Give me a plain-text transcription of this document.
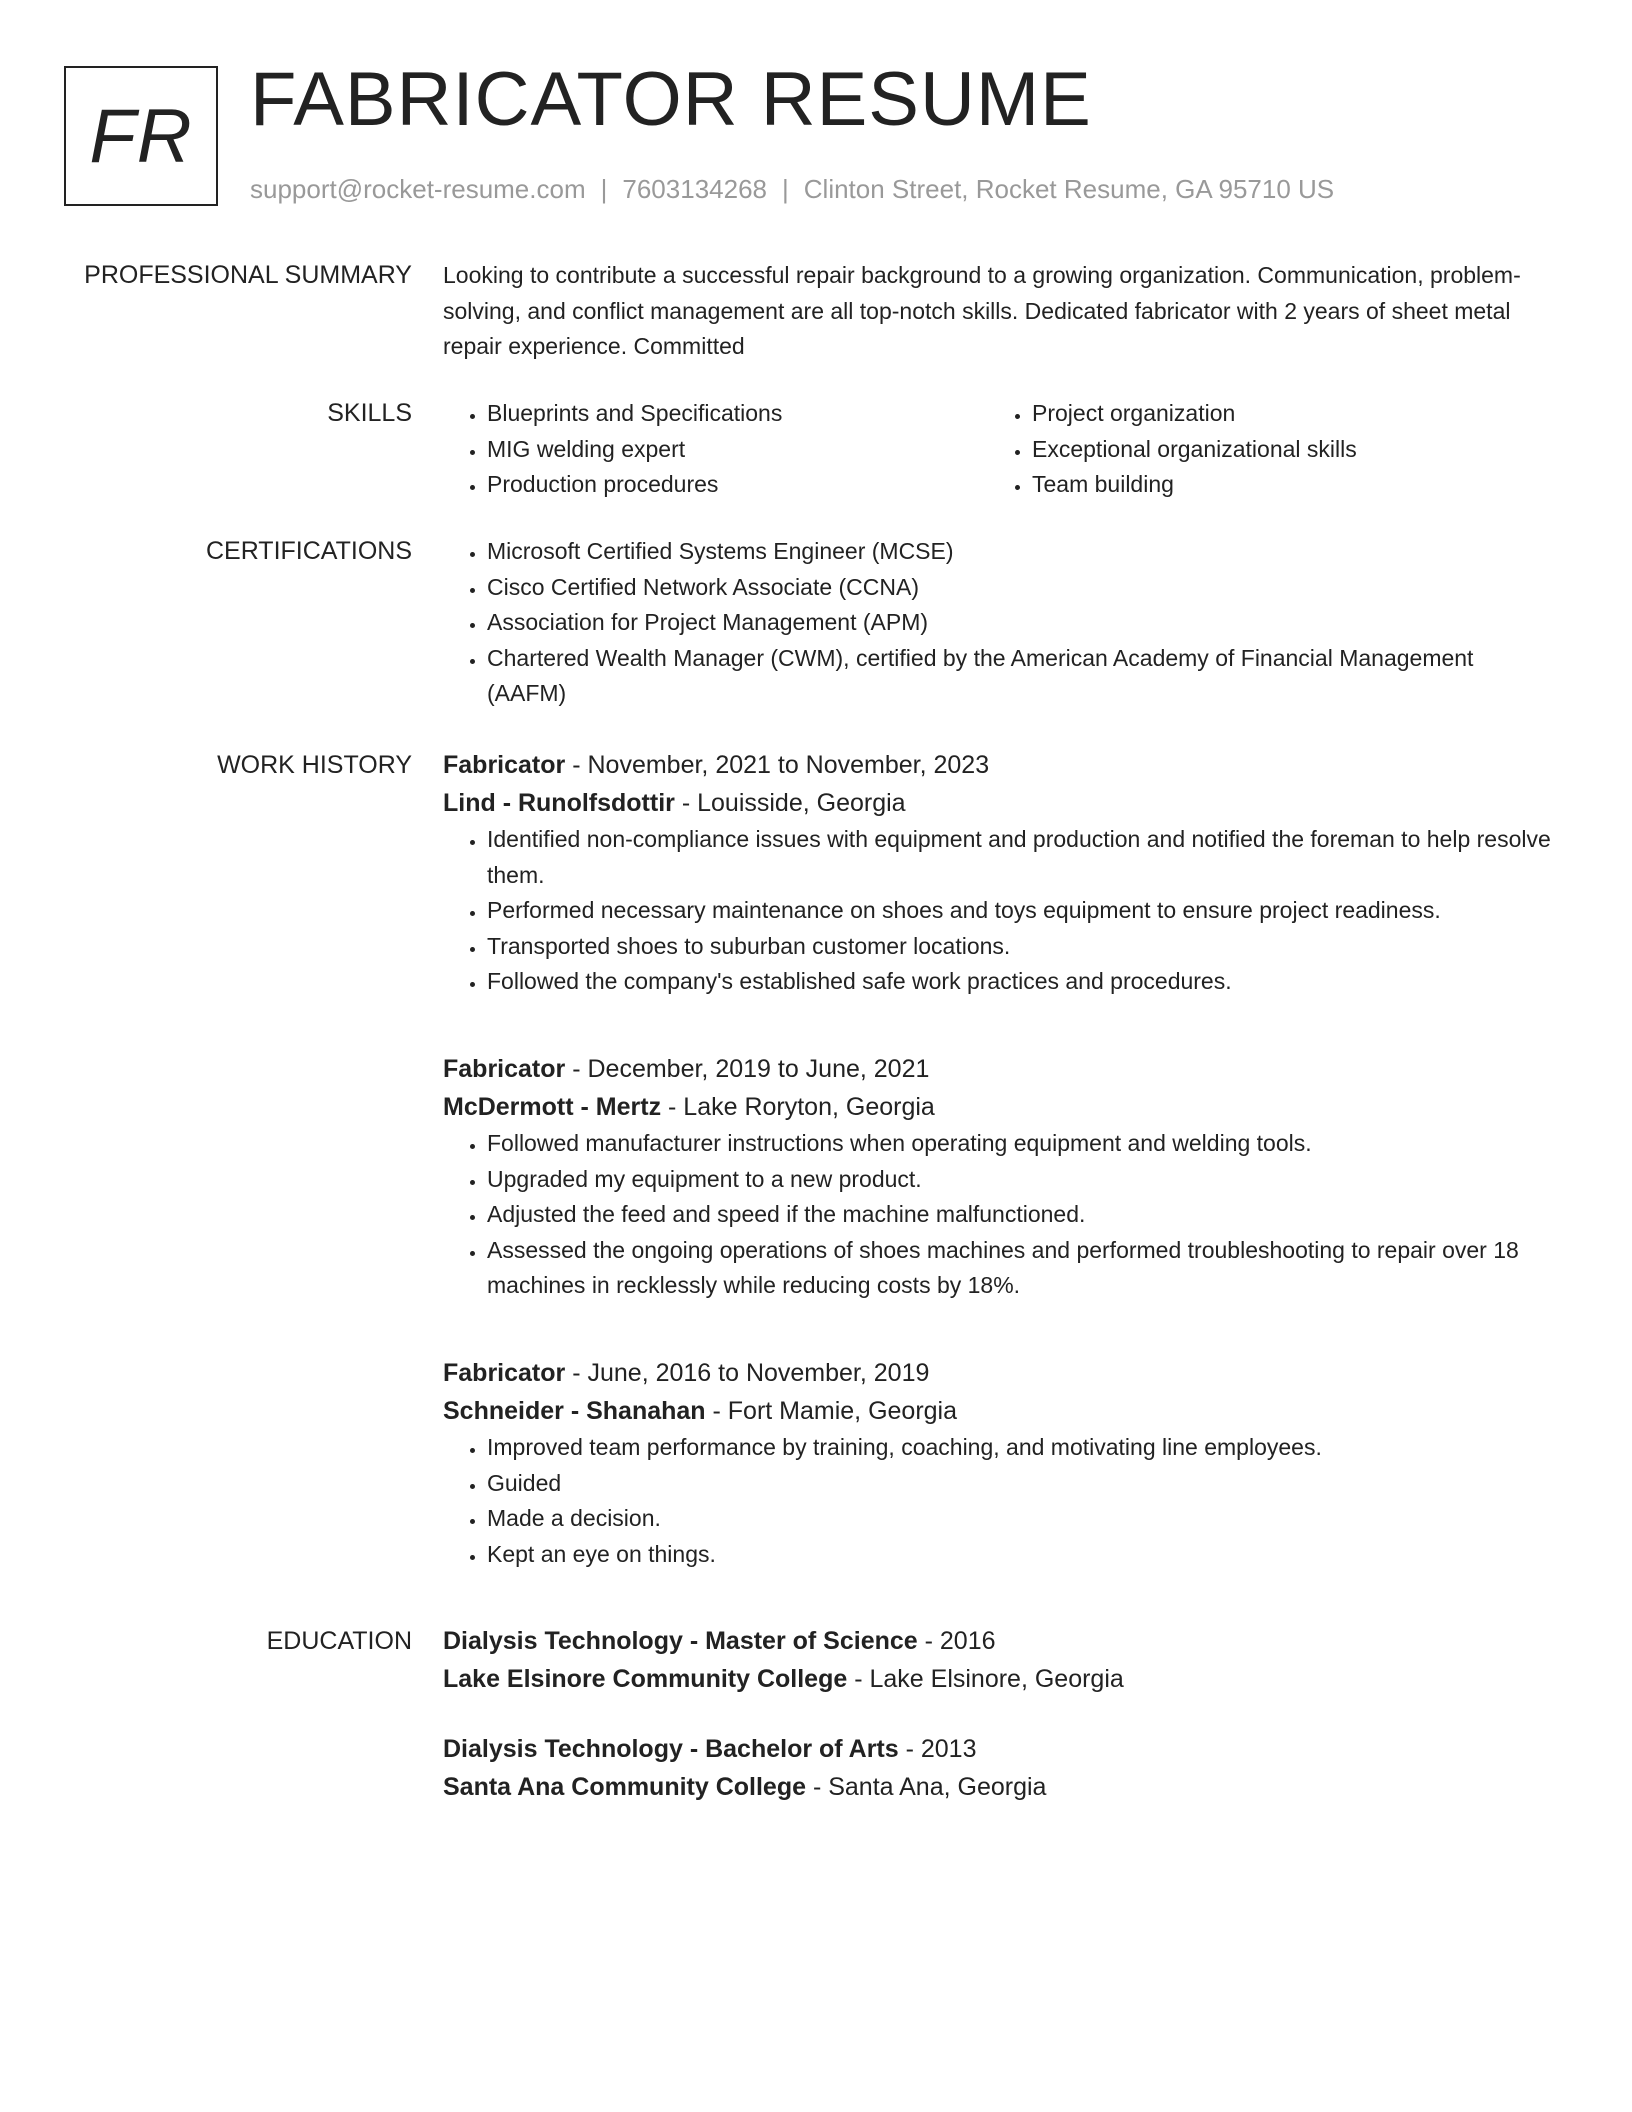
FR FABRICATOR RESUME
support@rocket-resume.com | 7603134268 | Clinton Street, Rocket Resume, GA 95710 US
PROFESSIONAL SUMMARY Looking to contribute a successful repair background to a growing organization. Communication, problem-solving, and conflict management are all top-notch skills. Dedicated fabricator with 2 years of sheet metal repair experience. Committed

SKILLS	• Blueprints and Specifications
• MIG welding expert
• Production procedures
• Project organization
• Exceptional organizational skills
• Team building
CERTIFICATIONS	• Microsoft Certified Systems Engineer (MCSE)
• Cisco Certified Network Associate (CCNA)
• Association for Project Management (APM)
• Chartered Wealth Manager (CWM), certified by the American Academy of Financial Management (AAFM)
WORK HISTORY Fabricator - November, 2021 to November, 2023
Lind - Runolfsdottir - Louisside, Georgia
• Identified non-compliance issues with equipment and production and notified the foreman to help resolve them.
• Performed necessary maintenance on shoes and toys equipment to ensure project readiness.
• Transported shoes to suburban customer locations.
• Followed the company's established safe work practices and procedures.
Fabricator - December, 2019 to June, 2021
McDermott - Mertz - Lake Roryton, Georgia
• Followed manufacturer instructions when operating equipment and welding tools.
• Upgraded my equipment to a new product.
• Adjusted the feed and speed if the machine malfunctioned.
• Assessed the ongoing operations of shoes machines and performed troubleshooting to repair over 18 machines in recklessly while reducing costs by 18%.
Fabricator - June, 2016 to November, 2019
Schneider - Shanahan - Fort Mamie, Georgia
• Improved team performance by training, coaching, and motivating line employees.
• Guided
• Made a decision.
• Kept an eye on things.
EDUCATION Dialysis Technology - Master of Science - 2016
Lake Elsinore Community College - Lake Elsinore, Georgia
Dialysis Technology - Bachelor of Arts - 2013
Santa Ana Community College - Santa Ana, Georgia
